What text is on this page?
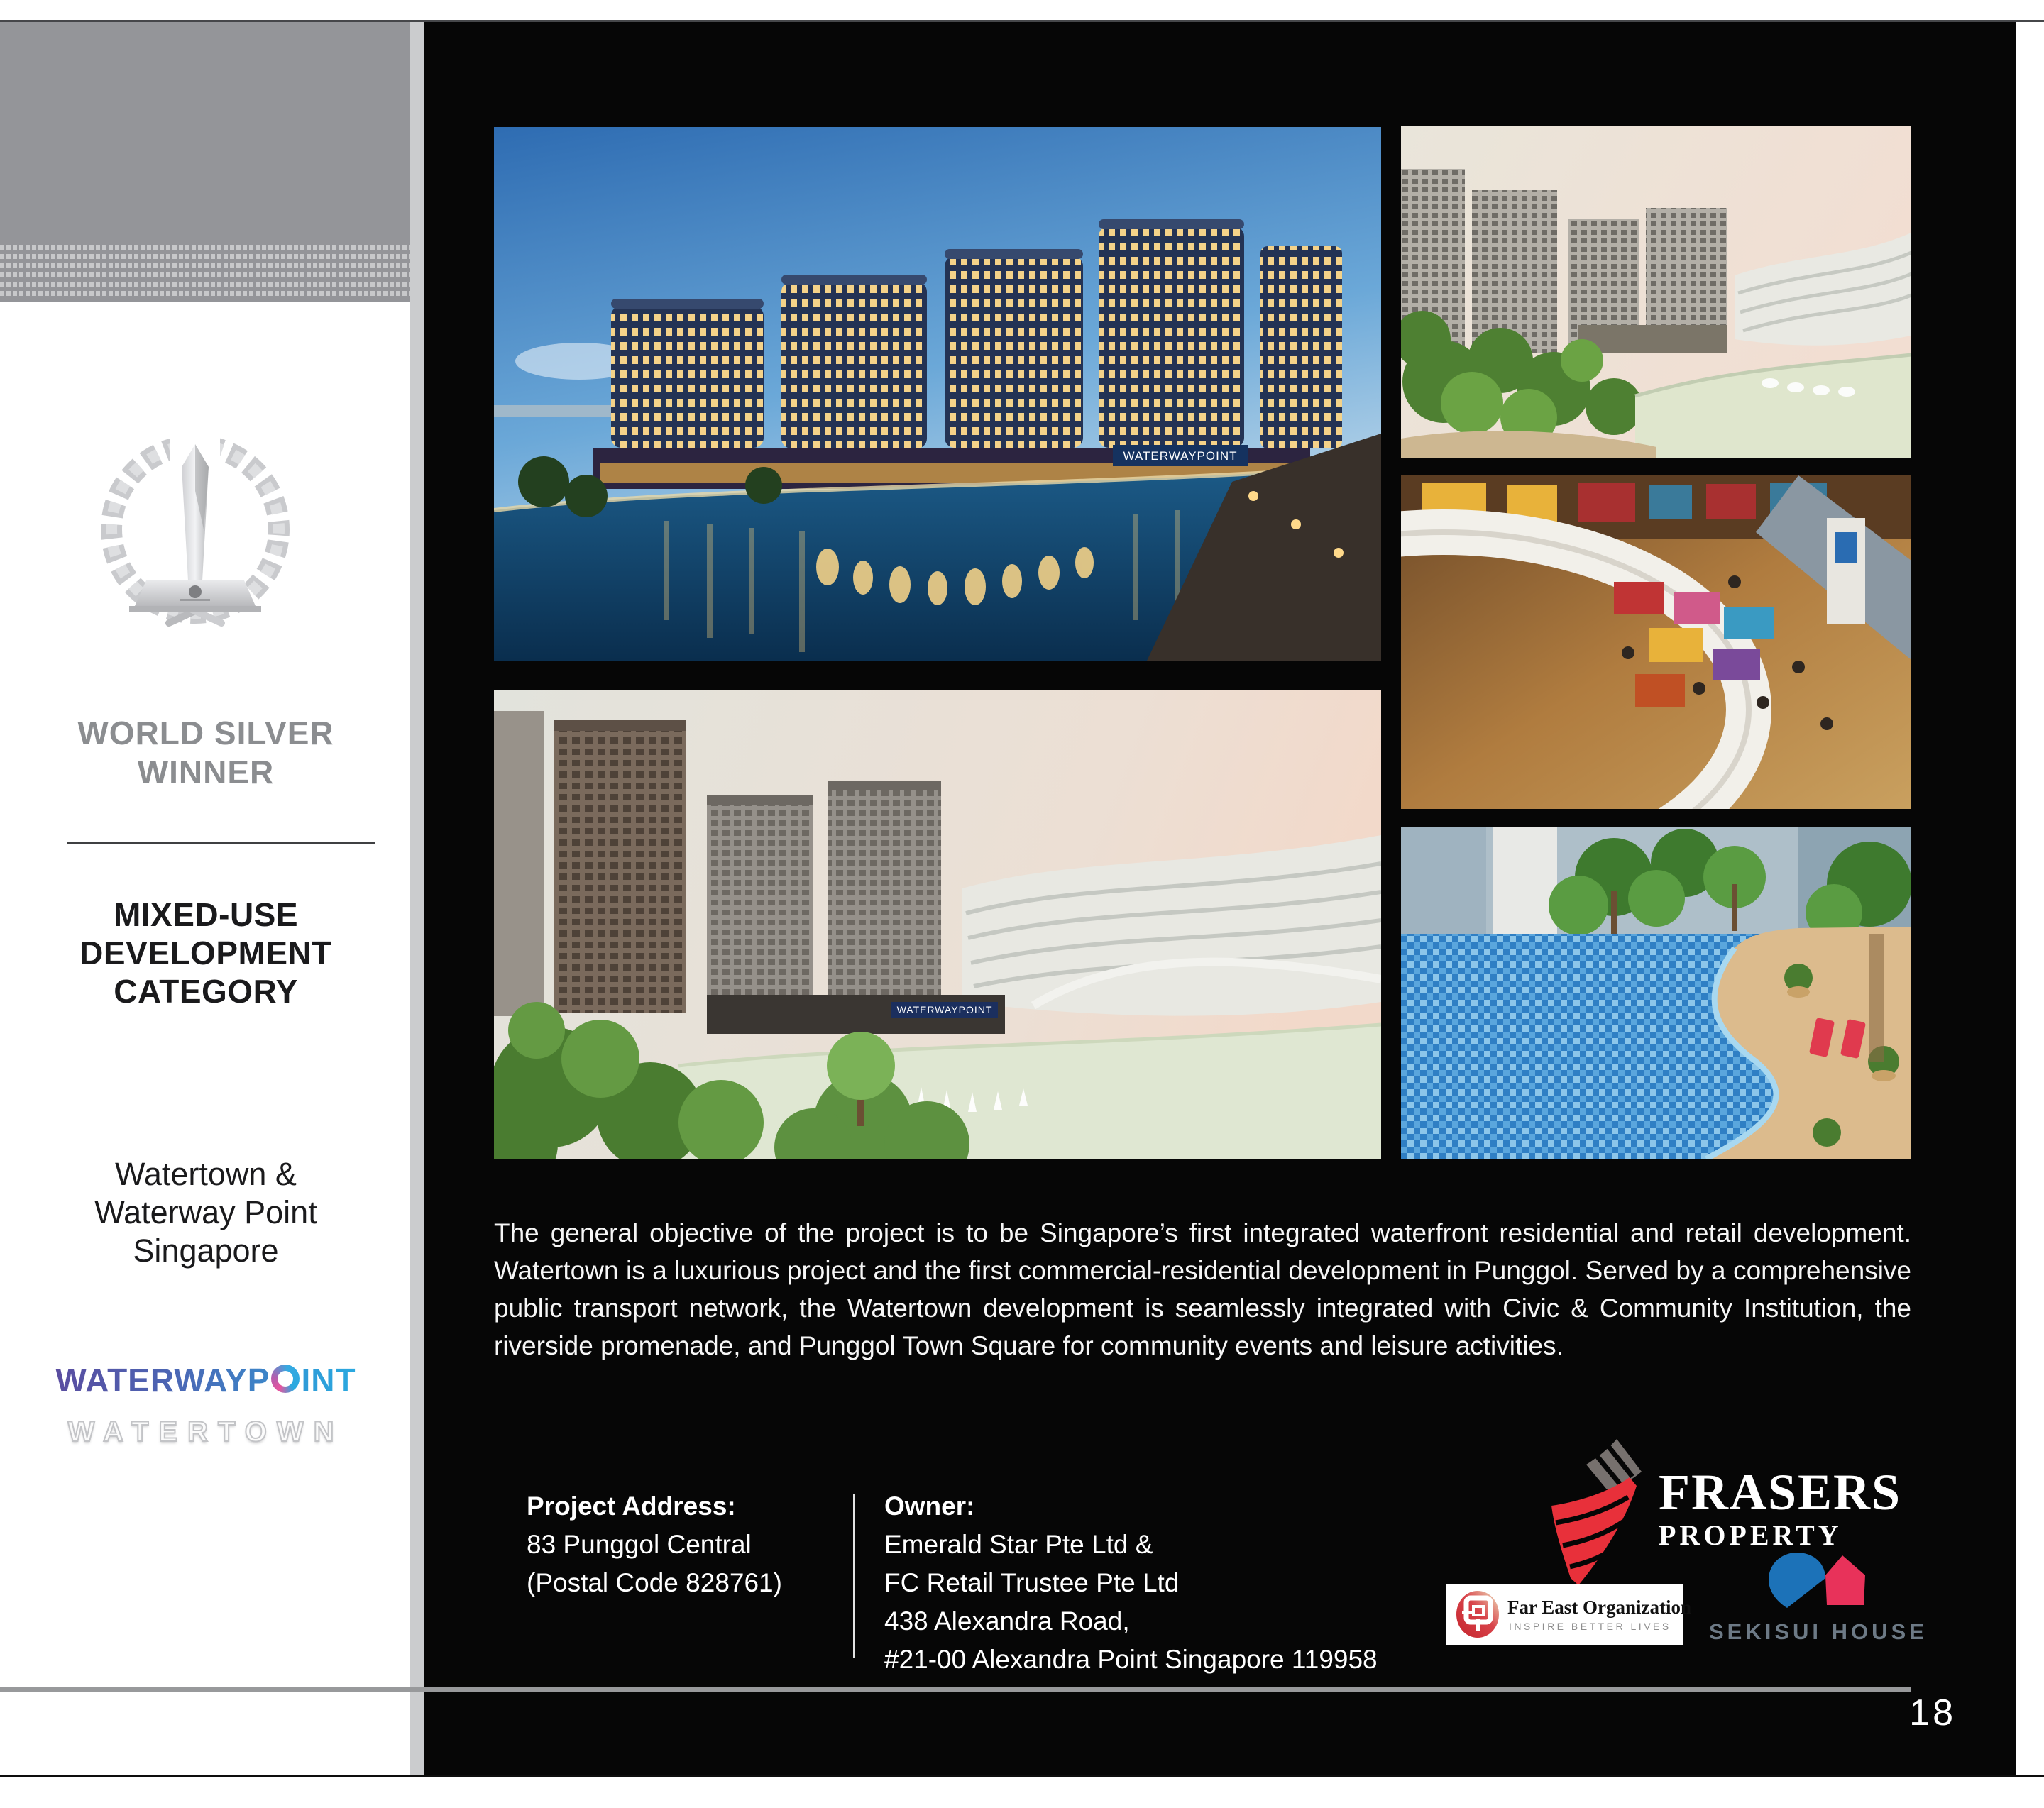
WORLD SILVER
WINNER
MIXED-USE
DEVELOPMENT
CATEGORY
Watertown &
Waterway Point
Singapore
WATERWAYP INT
WATERTOWN
WATERWAYPOINT
WATERWAYPOINT

The general objective of the project is to be Singapore’s first integrated waterfront residential and retail development. Watertown is a luxurious project and the first commercial-residential development in Punggol. Served by a comprehensive public transport network, the Watertown development is seamlessly integrated with Civic & Community Institution, the riverside promenade, and Punggol Town Square for community events and leisure activities.

Project Address:
83 Punggol Central
(Postal Code 828761)
Owner:
Emerald Star Pte Ltd &
FC Retail Trustee Pte Ltd
438 Alexandra Road,
#21-00 Alexandra Point Singapore 119958
FRASERS
PROPERTY
Far East Organization
INSPIRE BETTER LIVES SEKISUI HOUSE
18
